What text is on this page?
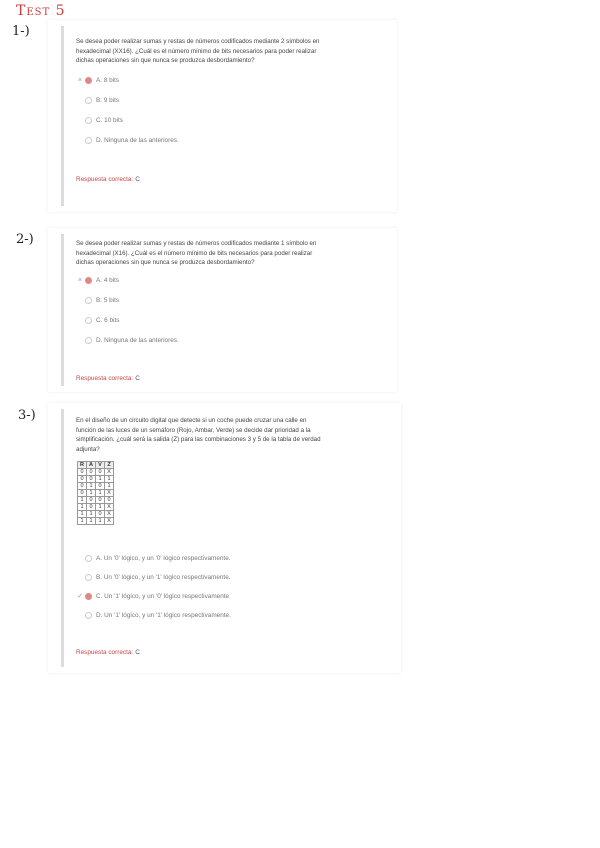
Test 5
1-)
Se desea poder realizar sumas y restas de números codificados mediante 2 símbolos en
hexadecimal (XX16). ¿Cuál es el número mínimo de bits necesarios para poder realizar
dichas operaciones sin que nunca se produzca desbordamiento?
×	A. 8 bits
B. 9 bits
C. 10 bits
D. Ninguna de las anteriores.
Respuesta correcta: C
2-)	Se desea poder realizar sumas y restas de números codificados mediante 1 símbolo en
hexadecimal (X16). ¿Cuál es el número mínimo de bits necesarios para poder realizar
dichas operaciones sin que nunca se produzca desbordamiento?
×	A. 4 bits
B. 5 bits
C. 6 bits
D. Ninguna de las anteriores.
Respuesta correcta: C
3-)	En el diseño de un circuito digital que detecte si un coche puede cruzar una calle en
función de las luces de un semáforo (Rojo, Ambar, Verde) se decide dar prioridad a la
simplificación. ¿cuál será la salida (Z) para las combinaciones 3 y 5 de la tabla de verdad
adjunta?
R	A	V	Z
0	0	0	X
0	0	1	1
0	1	0	1
0	1	1	X
1	0	0	0
1	0	1	X
1	1	0	X
1	1	1	X
A. Un '0' lógico, y un '0' lógico respectivamente.
B. Un '0' lógico, y un '1' lógico respectivamente.
✓ C. Un '1' lógico, y un '0' lógico respectivamente
D. Un '1' lógico, y un '1' lógico respectivamente.
Respuesta correcta: C
